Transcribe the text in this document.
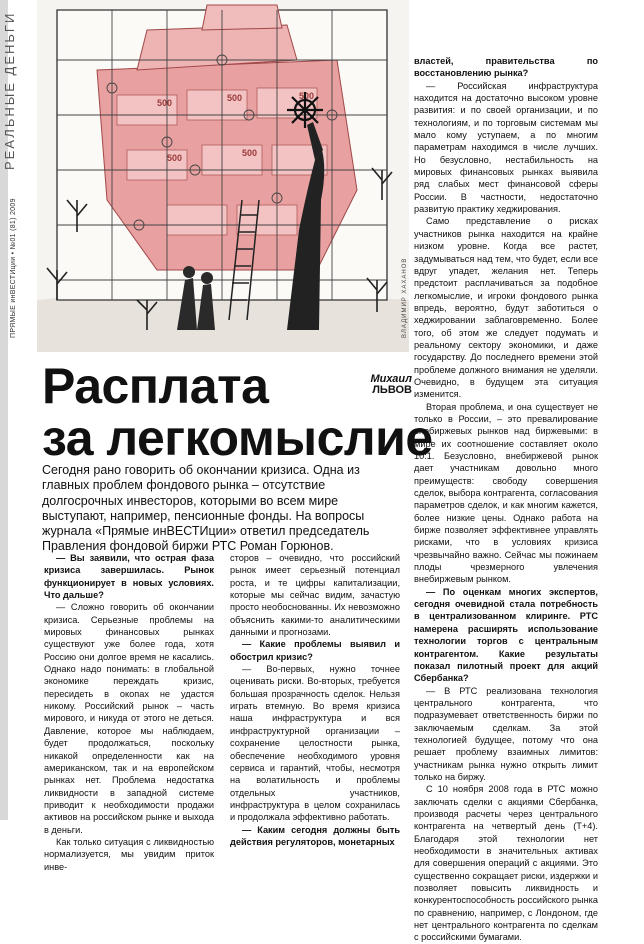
РЕАЛЬНЫЕ ДЕНЬГИ
ПРЯМЫЕ инВЕСТИции • №01 (81) 2009
500	500	500
500	500
ВЛАДИМИР ХАХАНОВ
Михаил
ЛЬВОВ
Расплата
за легкомыслие
Сегодня рано говорить об окончании кризиса. Одна из главных проблем фондового рынка – отсутствие долгосрочных инвесторов, которыми во всем мире выступают, например, пенсионные фонды. На вопросы журнала «Прямые инВЕСТИции» ответил председатель Правления фондовой биржи РТС Роман Горюнов.

— Вы заявили, что острая фаза кризиса завершилась. Рынок функционирует в новых условиях. Что дальше?

— Сложно говорить об окончании кризиса. Серьезные проблемы на мировых финансовых рынках существуют уже более года, хотя Россию они долгое время не касались. Однако надо понимать: в глобальной экономике переждать кризис, пересидеть в окопах не удастся никому. Российский рынок – часть мирового, и никуда от этого не деться. Давление, которое мы наблюдаем, будет продолжаться, поскольку никакой определенности как на американском, так и на европейском рынках нет. Проблема недостатка ликвидности в западной системе приводит к необходимости продажи активов на российском рынке и выхода в деньги.

Как только ситуация с ликвидностью нормализуется, мы увидим приток инве-

сторов – очевидно, что российский рынок имеет серьезный потенциал роста, и те цифры капитализации, которые мы сейчас видим, зачастую просто необоснованны. Их невозможно объяснить какими-то аналитическими данными и прогнозами.

— Какие проблемы выявил и обострил кризис?

— Во-первых, нужно точнее оценивать риски. Во-вторых, требуется большая прозрачность сделок. Нельзя играть втемную. Во время кризиса наша инфраструктура и вся инфраструктурной организации – сохранение целостности рынка, обеспечение необходимого уровня сервиса и гарантий, чтобы, несмотря на волатильность и проблемы отдельных участников, инфраструктура в целом сохранилась и продолжала эффективно работать.

— Каким сегодня должны быть действия регуляторов, монетарных

властей, правительства по восстановлению рынка?

— Российская инфраструктура находится на достаточно высоком уровне развития: и по своей организации, и по технологиям, и по торговым системам мы мало кому уступаем, а по многим параметрам находимся в числе лучших. Но безусловно, нестабильность на мировых финансовых рынках выявила ряд слабых мест финансовой сферы России. В частности, недостаточно развитую практику хеджирования.

Само представление о рисках участников рынка находится на крайне низком уровне. Когда все растет, задумываться над тем, что будет, если все вдруг упадет, желания нет. Теперь предстоит расплачиваться за подобное легкомыслие, и игроки фондового рынка впредь, вероятно, будут заботиться о хеджировании заблаговременно. Более того, об этом же следует подумать и реальному сектору экономики, и даже государству. До последнего времени этой проблеме должного внимания не уделяли. Очевидно, в будущем эта ситуация изменится.

Вторая проблема, и она существует не только в России, – это превалирование внебиржевых рынков над биржевыми: в мире их соотношение составляет около 10:1. Безусловно, внебиржевой рынок дает участникам довольно много преимуществ: свободу совершения сделок, выбора контрагента, согласования параметров сделок, и как многим кажется, более низкие цены. Однако работа на бирже позволяет эффективнее управлять рисками, что в условиях кризиса чрезвычайно важно. Сейчас мы пожинаем плоды чрезмерного увлечения внебиржевым рынком.

— По оценкам многих экспертов, сегодня очевидной стала потребность в централизованном клиринге. РТС намерена расширять использование технологии торгов с центральным контрагентом. Какие результаты показал пилотный проект для акций Сбербанка?

— В РТС реализована технология центрального контрагента, что подразумевает ответственность биржи по заключаемым сделкам. За этой технологией будущее, потому что она решает проблему взаимных лимитов: участникам рынка нужно открыть лимит только на биржу.

С 10 ноября 2008 года в РТС можно заключать сделки с акциями Сбербанка, производя расчеты через центрального контрагента на четвертый день (T+4). Благодаря этой технологии нет необходимости в значительных активах для совершения операций с акциями. Это существенно сокращает риски, издержки и позволяет повысить ликвидность и конкурентоспособность российского рынка по сравнению, например, с Лондоном, где нет центрального контрагента по сделкам с российскими бумагами.
